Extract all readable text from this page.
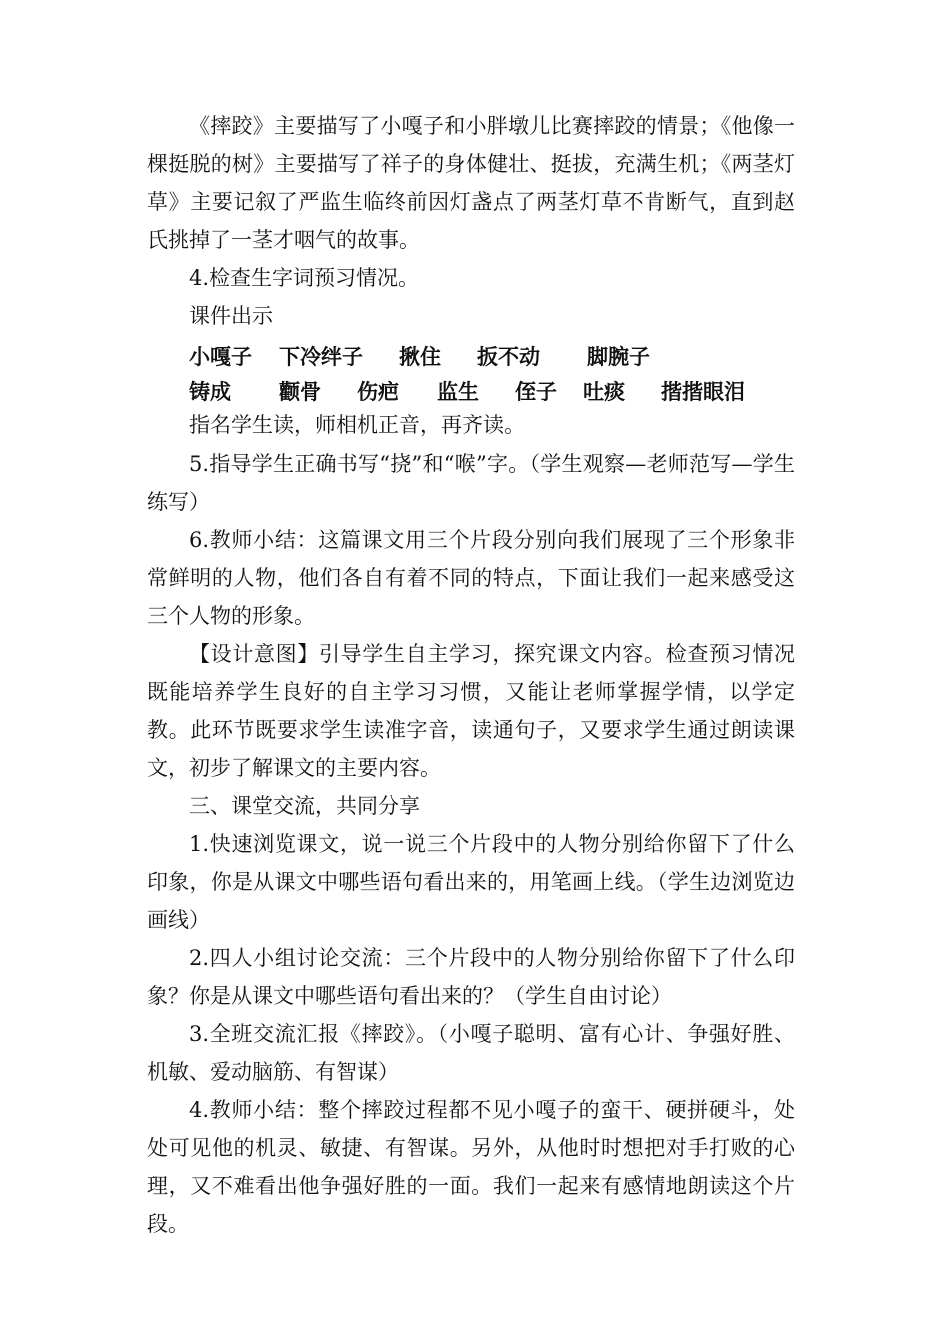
《摔跤》主要描写了小嘎子和小胖墩儿比赛摔跤的情景；《他像一棵挺脱的树》主要描写了祥子的身体健壮、挺拔，充满生机；《两茎灯草》主要记叙了严监生临终前因灯盏点了两茎灯草不肯断气，直到赵氏挑掉了一茎才咽气的故事。

4.检查生字词预习情况。

课件出示

小嘎子 下冷绊子 揪住 扳不动 脚腕子

铸成 颧骨 伤疤 监生 侄子 吐痰 揩揩眼泪

指名学生读，师相机正音，再齐读。

5.指导学生正确书写“挠”和“喉”字。（学生观察—老师范写—学生练写）

6.教师小结：这篇课文用三个片段分别向我们展现了三个形象非常鲜明的人物，他们各自有着不同的特点，下面让我们一起来感受这三个人物的形象。

【设计意图】引导学生自主学习，探究课文内容。检查预习情况既能培养学生良好的自主学习习惯，又能让老师掌握学情，以学定教。此环节既要求学生读准字音，读通句子，又要求学生通过朗读课文，初步了解课文的主要内容。

三、课堂交流，共同分享

1.快速浏览课文，说一说三个片段中的人物分别给你留下了什么印象，你是从课文中哪些语句看出来的，用笔画上线。（学生边浏览边画线）

2.四人小组讨论交流：三个片段中的人物分别给你留下了什么印象？你是从课文中哪些语句看出来的？（学生自由讨论）

3.全班交流汇报《摔跤》。（小嘎子聪明、富有心计、争强好胜、机敏、爱动脑筋、有智谋）

4.教师小结：整个摔跤过程都不见小嘎子的蛮干、硬拼硬斗，处处可见他的机灵、敏捷、有智谋。另外，从他时时想把对手打败的心理，又不难看出他争强好胜的一面。我们一起来有感情地朗读这个片段。
